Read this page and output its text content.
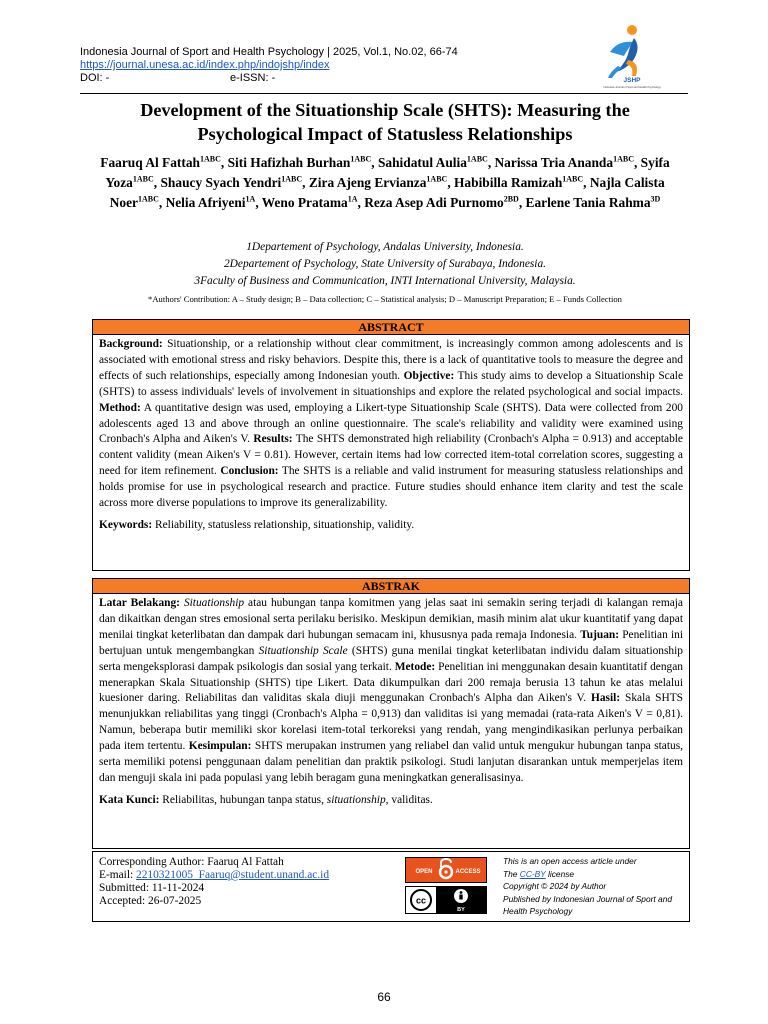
Indonesia Journal of Sport and Health Psychology | 2025, Vol.1, No.02, 66-74
https://journal.unesa.ac.id/index.php/indojshp/index
DOI: -	e-ISSN: -	JSHP
Indonesia Journal of Sport and Health Psychology
Development of the Situationship Scale (SHTS): Measuring the
Psychological Impact of Statusless Relationships
Faaruq Al Fattah$^{1ABC}$, Siti Hafizhah Burhan$^{1ABC}$, Sahidatul Aulia$^{1ABC}$, Narissa Tria Ananda$^{1ABC}$, Syifa Yoza$^{1ABC}$, Shaucy Syach Yendri$^{1ABC}$, Zira Ajeng Ervianza$^{1ABC}$, Habibilla Ramizah$^{1ABC}$, Najla Calista Noer$^{1ABC}$, Nelia Afriyeni$^{1A}$, Weno Pratama$^{1A}$, Reza Asep Adi Purnomo$^{2BD}$, Earlene Tania Rahma$^{3D}$
1Departement of Psychology, Andalas University, Indonesia.
2Departement of Psychology, State University of Surabaya, Indonesia.
3Faculty of Business and Communication, INTI International University, Malaysia.
*Authors' Contribution: A – Study design; B – Data collection; C – Statistical analysis; D – Manuscript Preparation; E – Funds Collection
ABSTRACT

Background: Situationship, or a relationship without clear commitment, is increasingly common among adolescents and is associated with emotional stress and risky behaviors. Despite this, there is a lack of quantitative tools to measure the degree and effects of such relationships, especially among Indonesian youth. Objective: This study aims to develop a Situationship Scale (SHTS) to assess individuals' levels of involvement in situationships and explore the related psychological and social impacts. Method: A quantitative design was used, employing a Likert-type Situationship Scale (SHTS). Data were collected from 200 adolescents aged 13 and above through an online questionnaire. The scale's reliability and validity were examined using Cronbach's Alpha and Aiken's V. Results: The SHTS demonstrated high reliability (Cronbach's Alpha = 0.913) and acceptable content validity (mean Aiken's V = 0.81). However, certain items had low corrected item-total correlation scores, suggesting a need for item refinement. Conclusion: The SHTS is a reliable and valid instrument for measuring statusless relationships and holds promise for use in psychological research and practice. Future studies should enhance item clarity and test the scale across more diverse populations to improve its generalizability.

Keywords: Reliability, statusless relationship, situationship, validity.

ABSTRAK

Latar Belakang: Situationship atau hubungan tanpa komitmen yang jelas saat ini semakin sering terjadi di kalangan remaja dan dikaitkan dengan stres emosional serta perilaku berisiko. Meskipun demikian, masih minim alat ukur kuantitatif yang dapat menilai tingkat keterlibatan dan dampak dari hubungan semacam ini, khususnya pada remaja Indonesia. Tujuan: Penelitian ini bertujuan untuk mengembangkan Situationship Scale (SHTS) guna menilai tingkat keterlibatan individu dalam situationship serta mengeksplorasi dampak psikologis dan sosial yang terkait. Metode: Penelitian ini menggunakan desain kuantitatif dengan menerapkan Skala Situationship (SHTS) tipe Likert. Data dikumpulkan dari 200 remaja berusia 13 tahun ke atas melalui kuesioner daring. Reliabilitas dan validitas skala diuji menggunakan Cronbach's Alpha dan Aiken's V. Hasil: Skala SHTS menunjukkan reliabilitas yang tinggi (Cronbach's Alpha = 0,913) dan validitas isi yang memadai (rata-rata Aiken's V = 0,81). Namun, beberapa butir memiliki skor korelasi item-total terkoreksi yang rendah, yang mengindikasikan perlunya perbaikan pada item tertentu. Kesimpulan: SHTS merupakan instrumen yang reliabel dan valid untuk mengukur hubungan tanpa status, serta memiliki potensi penggunaan dalam penelitian dan praktik psikologi. Studi lanjutan disarankan untuk memperjelas item dan menguji skala ini pada populasi yang lebih beragam guna meningkatkan generalisasinya.

Kata Kunci: Reliabilitas, hubungan tanpa status, situationship, validitas.

Corresponding Author: Faaruq Al Fattah
E-mail: 2210321005_Faaruq@student.unand.ac.id
Submitted: 11-11-2024
Accepted: 26-07-2025
OPEN	ACCESS
cc
BY
This is an open access article under
The CC-BY license
Copyright © 2024 by Author
Published by Indonesian Journal of Sport and Health Psychology
66
